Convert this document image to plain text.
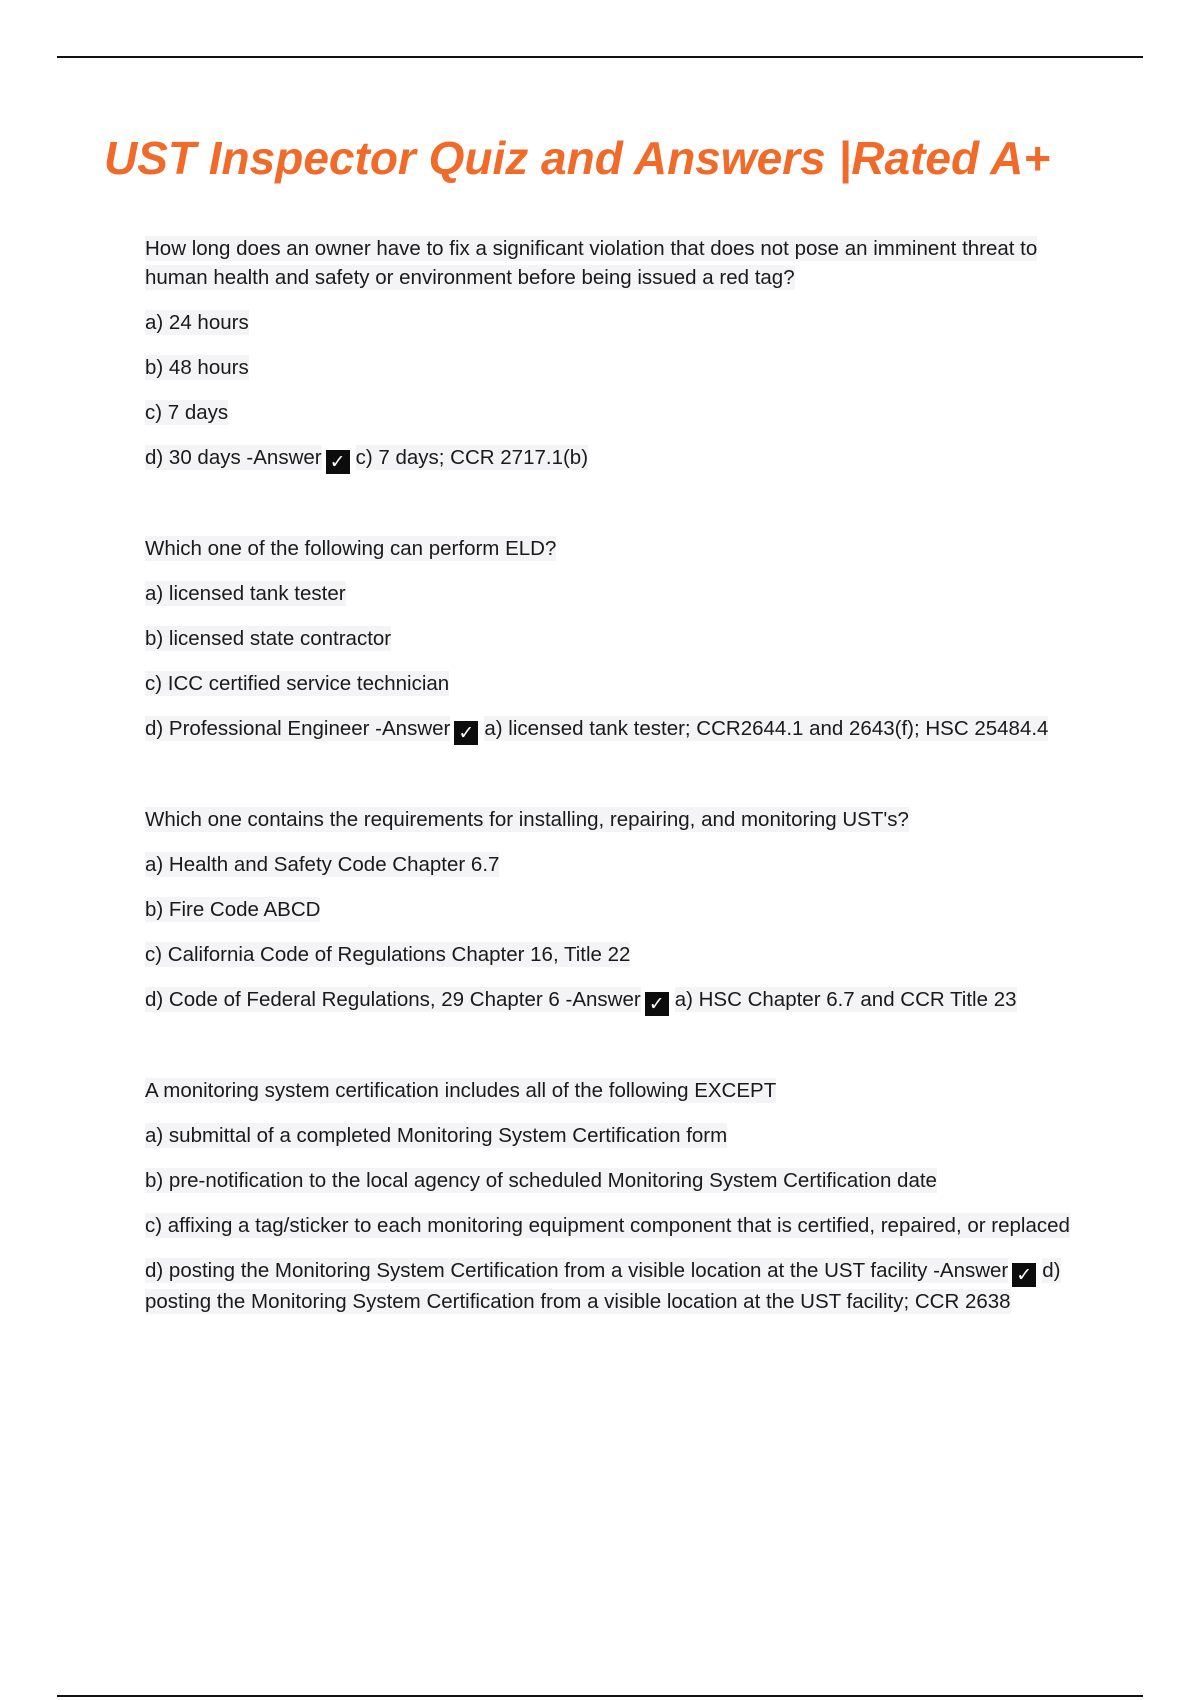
UST Inspector Quiz and Answers |Rated A+

How long does an owner have to fix a significant violation that does not pose an imminent threat to human health and safety or environment before being issued a red tag?

a) 24 hours

b) 48 hours

c) 7 days

d) 30 days -Answer ✓ c) 7 days; CCR 2717.1(b)

Which one of the following can perform ELD?

a) licensed tank tester

b) licensed state contractor

c) ICC certified service technician

d) Professional Engineer -Answer ✓ a) licensed tank tester; CCR2644.1 and 2643(f); HSC 25484.4

Which one contains the requirements for installing, repairing, and monitoring UST's?

a) Health and Safety Code Chapter 6.7

b) Fire Code ABCD

c) California Code of Regulations Chapter 16, Title 22

d) Code of Federal Regulations, 29 Chapter 6 -Answer ✓ a) HSC Chapter 6.7 and CCR Title 23

A monitoring system certification includes all of the following EXCEPT

a) submittal of a completed Monitoring System Certification form

b) pre-notification to the local agency of scheduled Monitoring System Certification date

c) affixing a tag/sticker to each monitoring equipment component that is certified, repaired, or replaced

d) posting the Monitoring System Certification from a visible location at the UST facility -Answer ✓ d) posting the Monitoring System Certification from a visible location at the UST facility; CCR 2638
